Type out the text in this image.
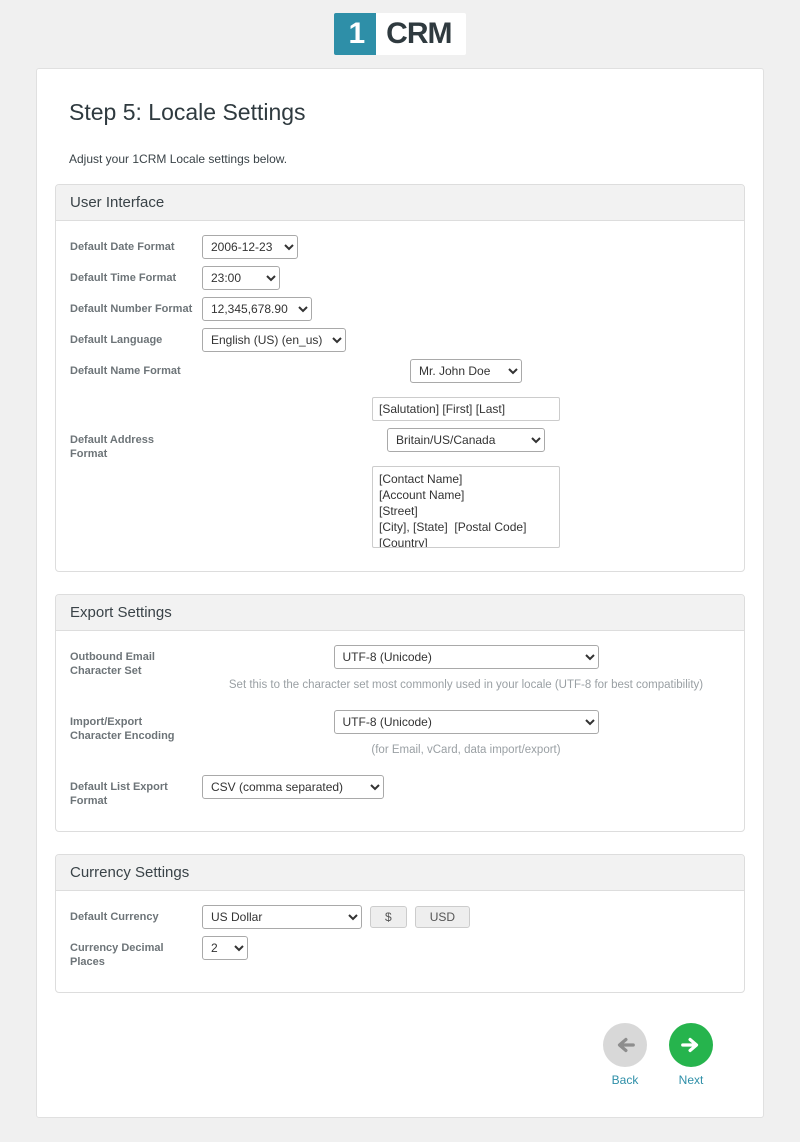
1 CRM
Step 5: Locale Settings

Adjust your 1CRM Locale settings below.

User Interface
Default Date Format
2006-12-23
Default Time Format
23:00
Default Number Format
12,345,678.90
Default Language
English (US) (en_us)
Default Name Format
Mr. John Doe
[Salutation] [First] [Last]
Default Address Format
Britain/US/Canada
[Contact Name] [Account Name] [Street] [City], [State] [Postal Code] [Country]
Export Settings
Outbound Email Character Set
UTF-8 (Unicode)
Set this to the character set most commonly used in your locale (UTF-8 for best compatibility)
Import/Export Character Encoding
UTF-8 (Unicode)
(for Email, vCard, data import/export)
Default List Export Format
CSV (comma separated)
Currency Settings
Default Currency
US Dollar	$	USD
Currency Decimal Places
2
Back	Next
